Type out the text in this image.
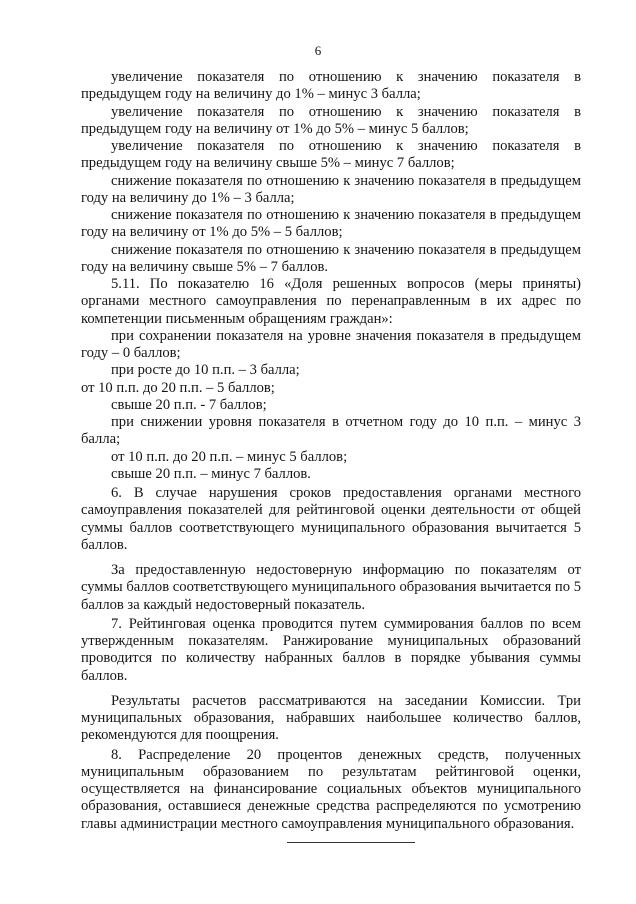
6

увеличение показателя по отношению к значению показателя в предыдущем году на величину до 1% – минус 3 балла;

увеличение показателя по отношению к значению показателя в предыдущем году на величину от 1% до 5% – минус 5 баллов;

увеличение показателя по отношению к значению показателя в предыдущем году на величину свыше 5% – минус 7 баллов;

снижение показателя по отношению к значению показателя в предыдущем году на величину до 1% – 3 балла;

снижение показателя по отношению к значению показателя в предыдущем году на величину от 1% до 5% – 5 баллов;

снижение показателя по отношению к значению показателя в предыдущем году на величину свыше 5% – 7 баллов.

5.11. По показателю 16 «Доля решенных вопросов (меры приняты) органами местного самоуправления по перенаправленным в их адрес по компетенции письменным обращениям граждан»:

при сохранении показателя на уровне значения показателя в предыдущем году – 0 баллов;

при росте до 10 п.п. – 3 балла;

от 10 п.п. до 20 п.п. – 5 баллов;

свыше 20 п.п. - 7 баллов;

при снижении уровня показателя в отчетном году до 10 п.п. – минус 3 балла;

от 10 п.п. до 20 п.п. – минус 5 баллов;

свыше 20 п.п. – минус 7 баллов.

6. В случае нарушения сроков предоставления органами местного самоуправления показателей для рейтинговой оценки деятельности от общей суммы баллов соответствующего муниципального образования вычитается 5 баллов.

За предоставленную недостоверную информацию по показателям от суммы баллов соответствующего муниципального образования вычитается по 5 баллов за каждый недостоверный показатель.

7. Рейтинговая оценка проводится путем суммирования баллов по всем утвержденным показателям. Ранжирование муниципальных образований проводится по количеству набранных баллов в порядке убывания суммы баллов.

Результаты расчетов рассматриваются на заседании Комиссии. Три муниципальных образования, набравших наибольшее количество баллов, рекомендуются для поощрения.

8. Распределение 20 процентов денежных средств, полученных муниципальным образованием по результатам рейтинговой оценки, осуществляется на финансирование социальных объектов муниципального образования, оставшиеся денежные средства распределяются по усмотрению главы администрации местного самоуправления муниципального образования.
